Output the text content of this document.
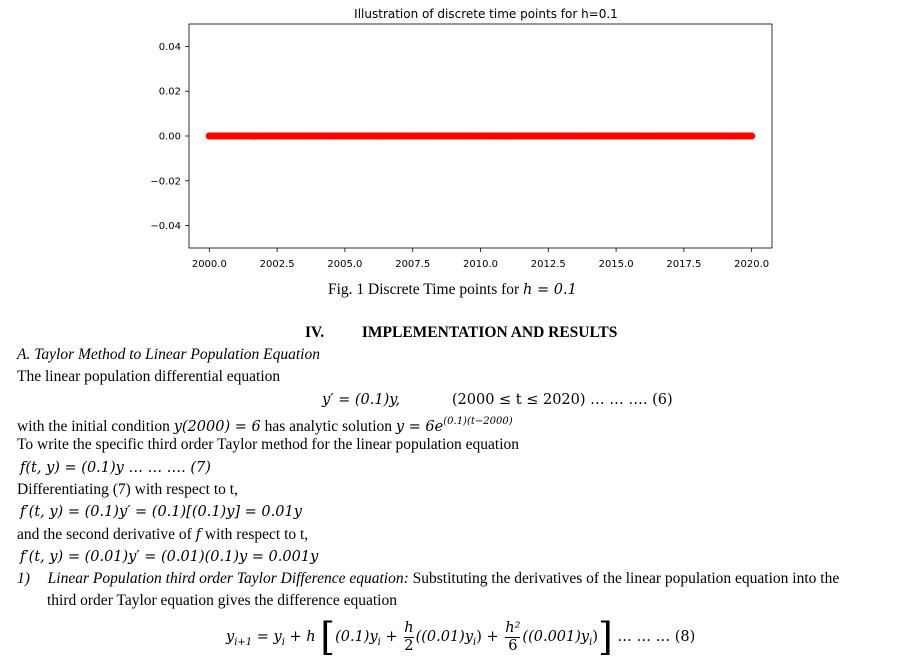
Illustration of discrete time points for h=0.1
2000.0	2002.5	2005.0	2007.5	2010.0	2012.5	2015.0	2017.5	2020.0
0.04
0.02
0.00
−0.02
−0.04
Fig. 1 Discrete Time points for h = 0.1
IV. IMPLEMENTATION AND RESULTS
A. Taylor Method to Linear Population Equation
The linear population differential equation
y′ = (0.1)y,	(2000 ≤ t ≤ 2020) … … …. (6)
with the initial condition y(2000) = 6 has analytic solution $y = 6e^{(0.1)(t-2000)}$
To write the specific third order Taylor method for the linear population equation
f(t, y) = (0.1)y … … …. (7)
Differentiating (7) with respect to t,
f′(t, y) = (0.1)y′ = (0.1)[(0.1)y] = 0.01y
and the second derivative of f with respect to t,
f′(t, y) = (0.01)y′ = (0.01)(0.1)y = 0.001y
1) Linear Population third order Taylor Difference equation: Substituting the derivatives of the linear population equation into the
third order Taylor equation gives the difference equation
$y_{i+1} = y_i + h$ $[(0.1)y_i + \frac{h}{2} ((0.01)y_i) + \frac{\text{h²}}{6} ((0.001)y_i)]$ … … … (8)
